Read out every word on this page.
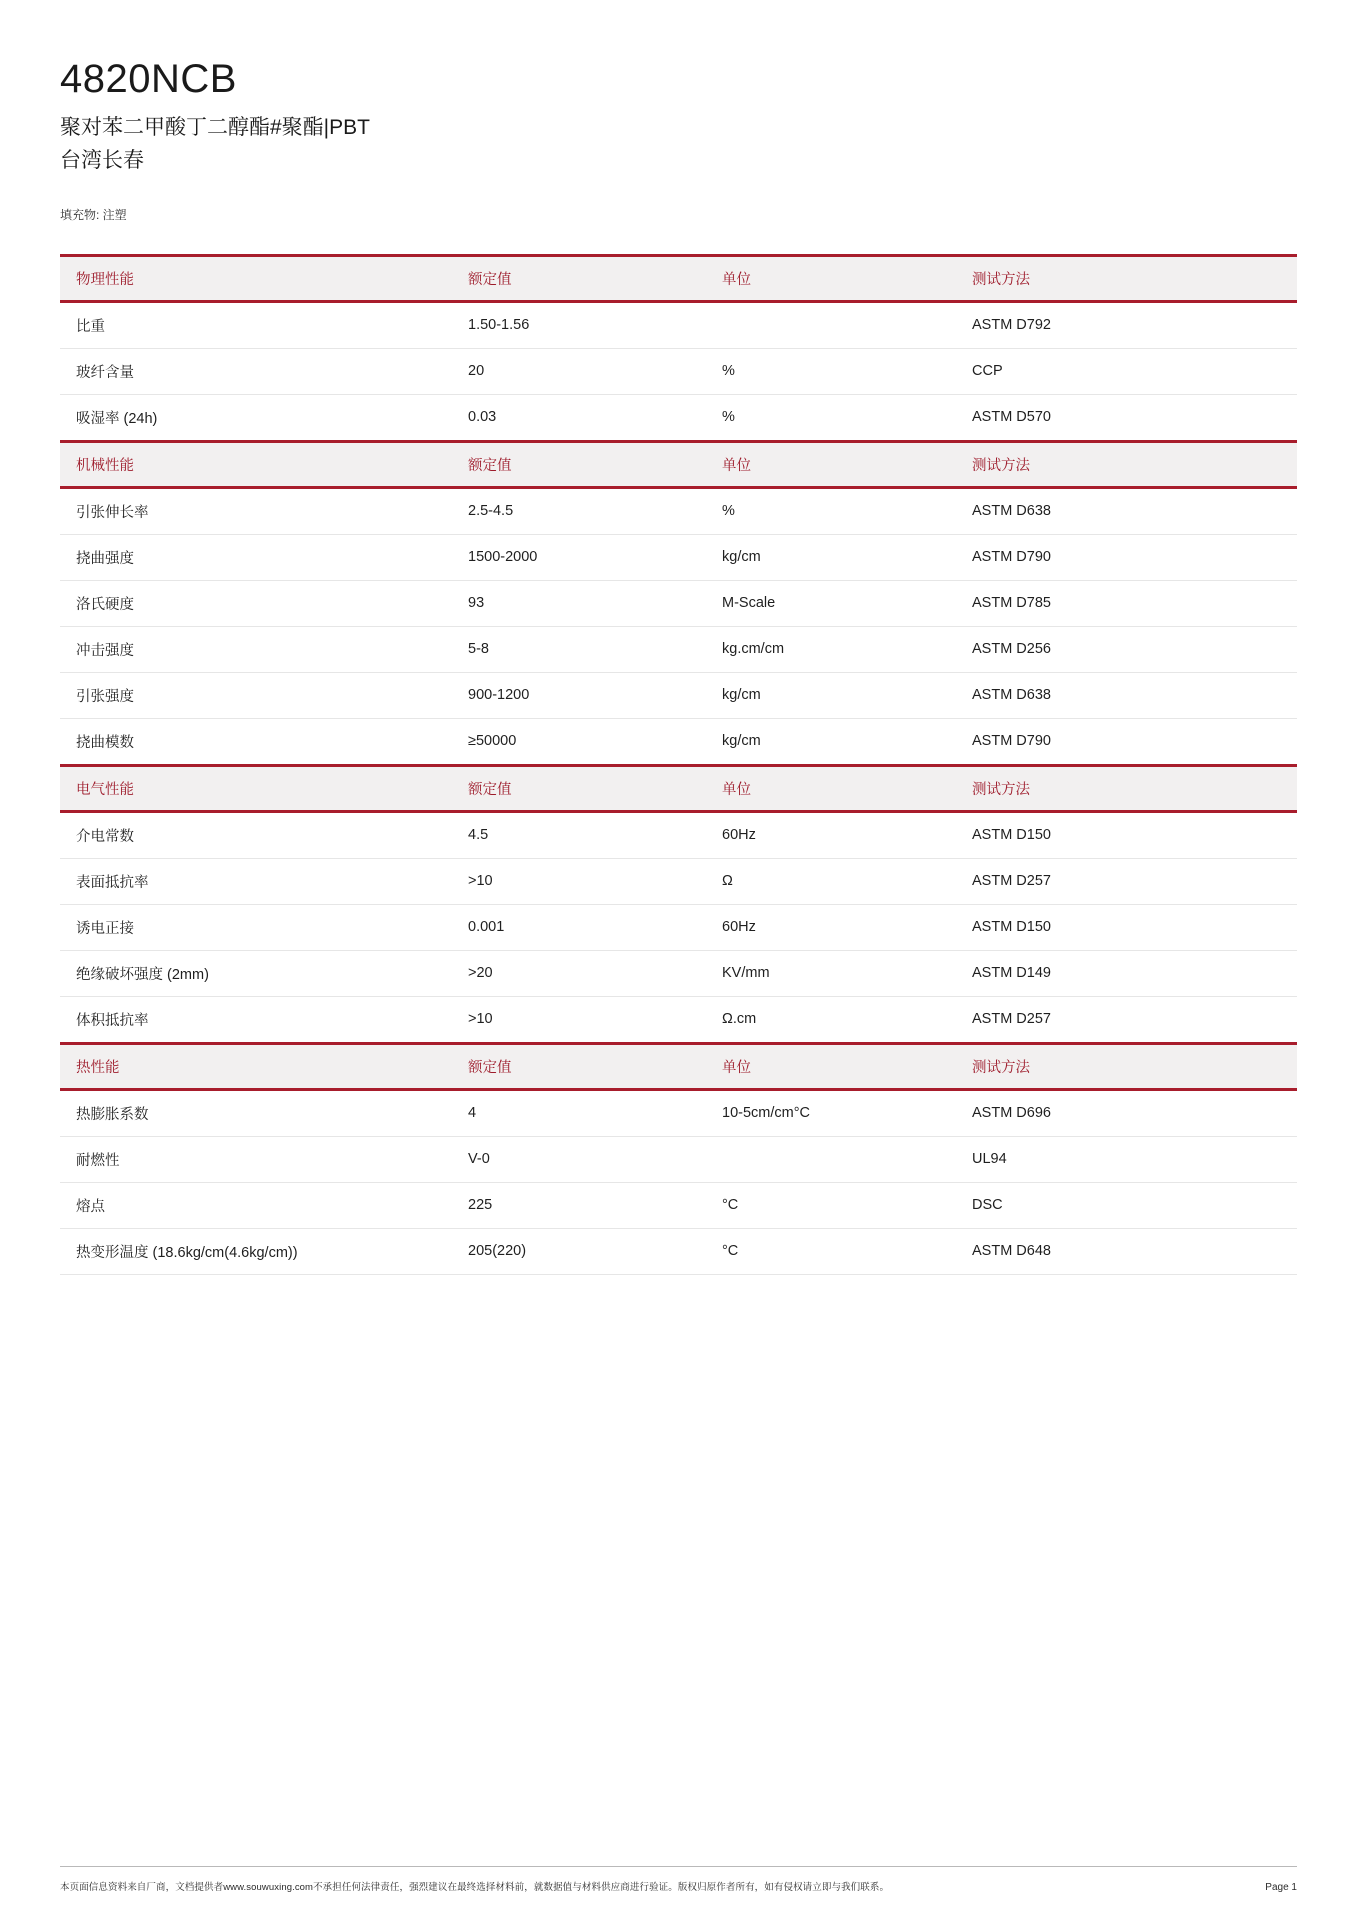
4820NCB

聚对苯二甲酸丁二醇酯#聚酯|PBT

台湾长春

填充物: 注塑

物理性能	额定值	单位	测试方法
比重	1.50-1.56		ASTM D792
玻纤含量	20	%	CCP
吸湿率 (24h)	0.03	%	ASTM D570
机械性能	额定值	单位	测试方法
引张伸长率	2.5-4.5	%	ASTM D638
挠曲强度	1500-2000	kg/cm	ASTM D790
洛氏硬度	93	M-Scale	ASTM D785
冲击强度	5-8	kg.cm/cm	ASTM D256
引张强度	900-1200	kg/cm	ASTM D638
挠曲模数	≥50000	kg/cm	ASTM D790
电气性能	额定值	单位	测试方法
介电常数	4.5	60Hz	ASTM D150
表面抵抗率	>10	Ω	ASTM D257
诱电正接	0.001	60Hz	ASTM D150
绝缘破坏强度 (2mm)	>20	KV/mm	ASTM D149
体积抵抗率	>10	Ω.cm	ASTM D257
热性能	额定值	单位	测试方法
热膨胀系数	4	10-5cm/cm°C	ASTM D696
耐燃性	V-0		UL94
熔点	225	°C	DSC
热变形温度 (18.6kg/cm(4.6kg/cm))	205(220)	°C	ASTM D648
本页面信息资料来自厂商，文档提供者www.souwuxing.com不承担任何法律责任，强烈建议在最终选择材料前，就数据值与材料供应商进行验证。版权归原作者所有，如有侵权请立即与我们联系。	Page 1
